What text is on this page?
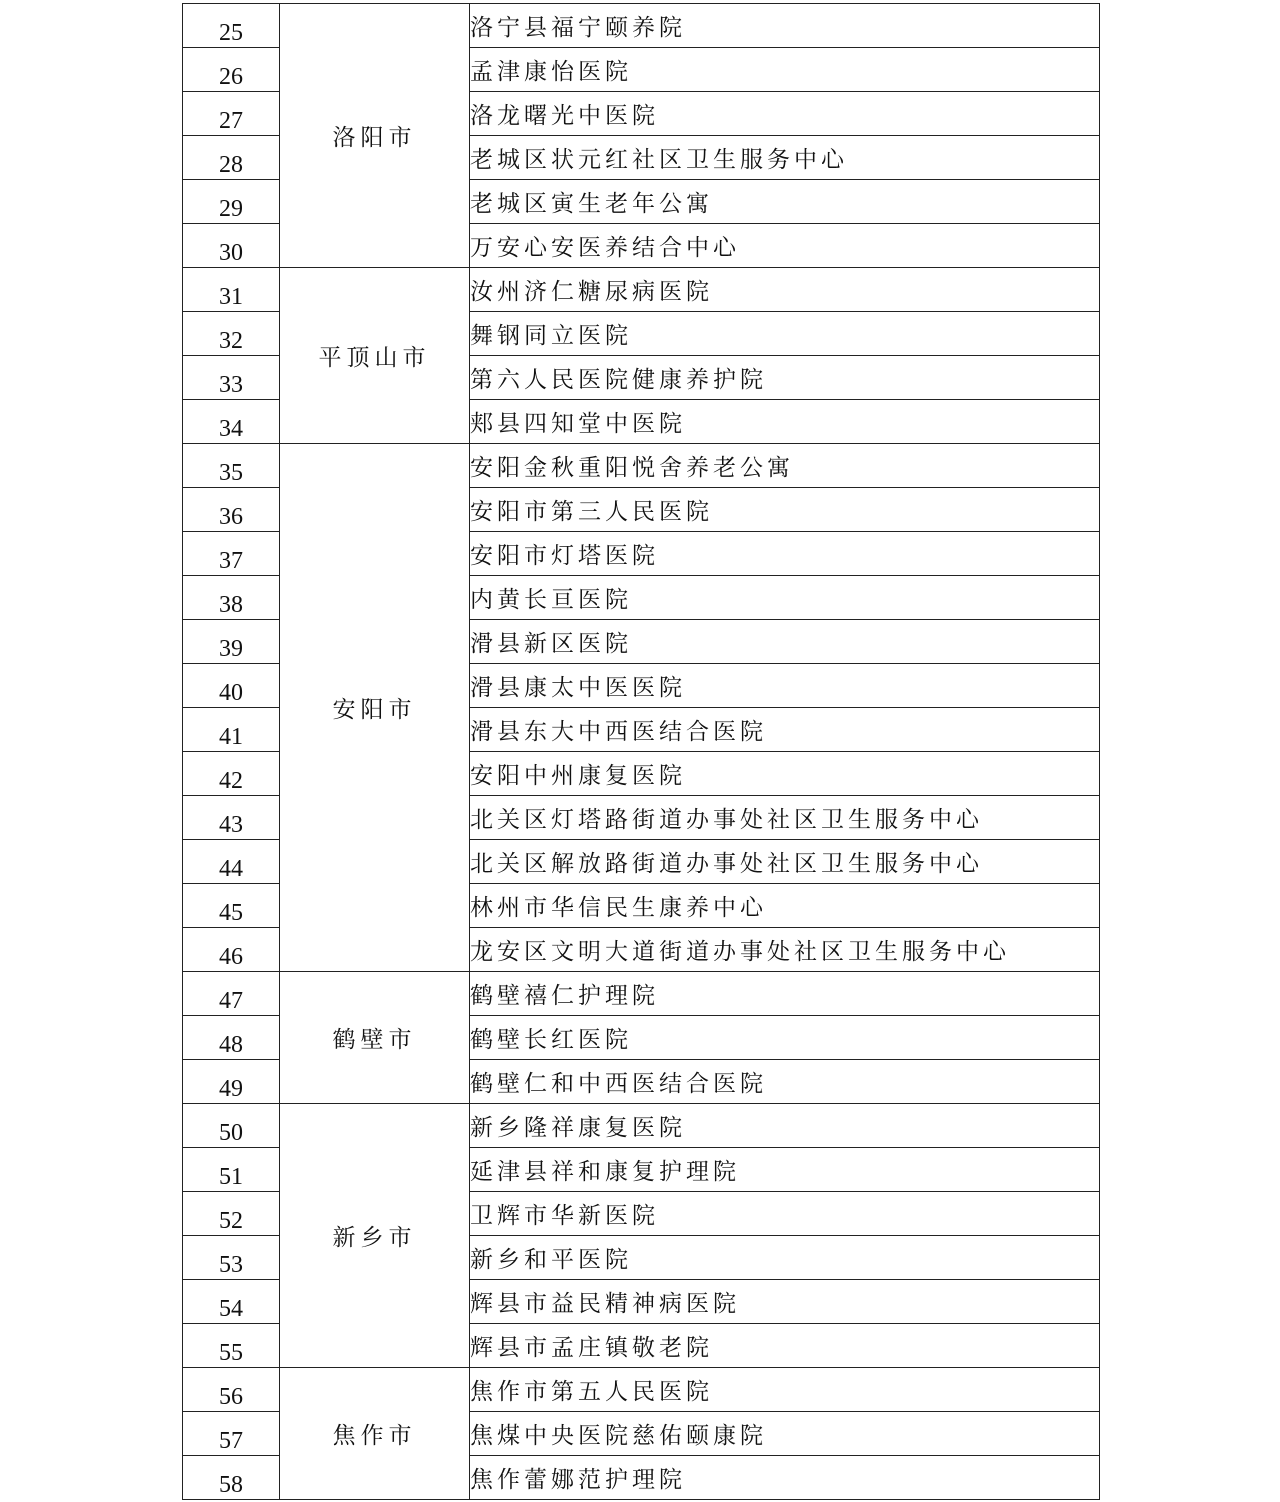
25	洛阳市	洛宁县福宁颐养院
26		孟津康怡医院
27		洛龙曙光中医院
28		老城区状元红社区卫生服务中心
29		老城区寅生老年公寓
30		万安心安医养结合中心
31	平顶山市	汝州济仁糖尿病医院
32		舞钢同立医院
33		第六人民医院健康养护院
34		郏县四知堂中医院
35	安阳市	安阳金秋重阳悦舍养老公寓
36		安阳市第三人民医院
37		安阳市灯塔医院
38		内黄长亘医院
39		滑县新区医院
40		滑县康太中医医院
41		滑县东大中西医结合医院
42		安阳中州康复医院
43		北关区灯塔路街道办事处社区卫生服务中心
44		北关区解放路街道办事处社区卫生服务中心
45		林州市华信民生康养中心
46		龙安区文明大道街道办事处社区卫生服务中心
47	鹤壁市	鹤壁禧仁护理院
48		鹤壁长红医院
49		鹤壁仁和中西医结合医院
50	新乡市	新乡隆祥康复医院
51		延津县祥和康复护理院
52		卫辉市华新医院
53		新乡和平医院
54		辉县市益民精神病医院
55		辉县市孟庄镇敬老院
56	焦作市	焦作市第五人民医院
57		焦煤中央医院慈佑颐康院
58		焦作蕾娜范护理院
